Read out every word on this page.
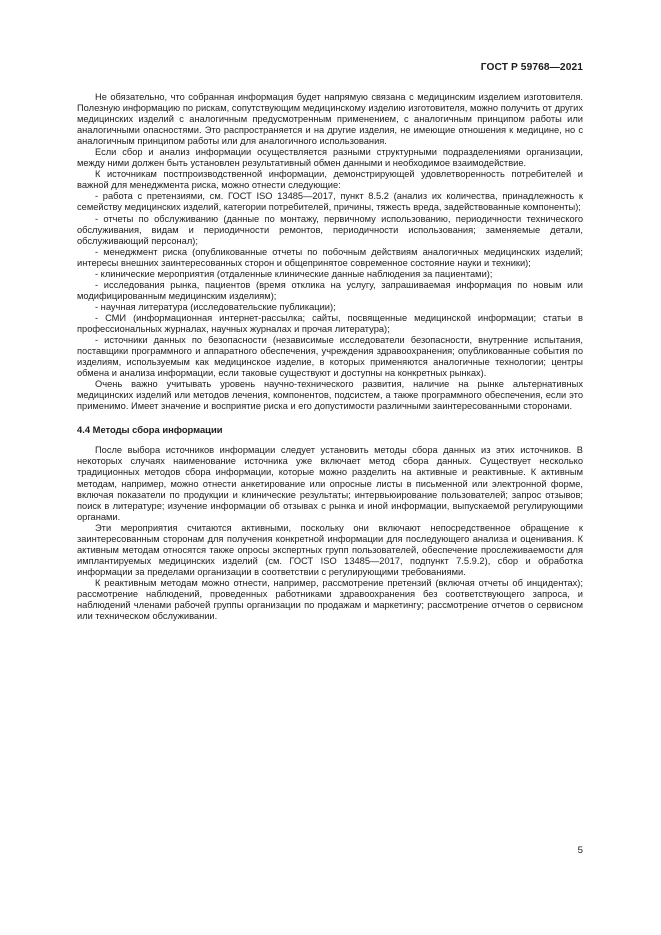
ГОСТ Р 59768—2021

Не обязательно, что собранная информация будет напрямую связана с медицинским изделием изготовителя. Полезную информацию по рискам, сопутствующим медицинскому изделию изготовителя, можно получить от других медицинских изделий с аналогичным предусмотренным применением, с аналогичным принципом работы или аналогичными опасностями. Это распространяется и на другие изделия, не имеющие отношения к медицине, но с аналогичным принципом работы или для аналогичного использования.

Если сбор и анализ информации осуществляется разными структурными подразделениями организации, между ними должен быть установлен результативный обмен данными и необходимое взаимодействие.

К источникам постпроизводственной информации, демонстрирующей удовлетворенность потребителей и важной для менеджмента риска, можно отнести следующие:

- работа с претензиями, см. ГОСТ ISO 13485—2017, пункт 8.5.2 (анализ их количества, принадлежность к семейству медицинских изделий, категории потребителей, причины, тяжесть вреда, задействованные компоненты);

- отчеты по обслуживанию (данные по монтажу, первичному использованию, периодичности технического обслуживания, видам и периодичности ремонтов, периодичности использования; заменяемые детали, обслуживающий персонал);

- менеджмент риска (опубликованные отчеты по побочным действиям аналогичных медицинских изделий; интересы внешних заинтересованных сторон и общепринятое современное состояние науки и техники);

- клинические мероприятия (отдаленные клинические данные наблюдения за пациентами);

- исследования рынка, пациентов (время отклика на услугу, запрашиваемая информация по новым или модифицированным медицинским изделиям);

- научная литература (исследовательские публикации);

- СМИ (информационная интернет-рассылка; сайты, посвященные медицинской информации; статьи в профессиональных журналах, научных журналах и прочая литература);

- источники данных по безопасности (независимые исследователи безопасности, внутренние испытания, поставщики программного и аппаратного обеспечения, учреждения здравоохранения; опубликованные события по изделиям, используемым как медицинское изделие, в которых применяются аналогичные технологии; центры обмена и анализа информации, если таковые существуют и доступны на конкретных рынках).

Очень важно учитывать уровень научно-технического развития, наличие на рынке альтернативных медицинских изделий или методов лечения, компонентов, подсистем, а также программного обеспечения, если это применимо. Имеет значение и восприятие риска и его допустимости различными заинтересованными сторонами.

4.4 Методы сбора информации

После выбора источников информации следует установить методы сбора данных из этих источников. В некоторых случаях наименование источника уже включает метод сбора данных. Существует несколько традиционных методов сбора информации, которые можно разделить на активные и реактивные. К активным методам, например, можно отнести анкетирование или опросные листы в письменной или электронной форме, включая показатели по продукции и клинические результаты; интервьюирование пользователей; запрос отзывов; поиск в литературе; изучение информации об отзывах с рынка и иной информации, выпускаемой регулирующими органами.

Эти мероприятия считаются активными, поскольку они включают непосредственное обращение к заинтересованным сторонам для получения конкретной информации для последующего анализа и оценивания. К активным методам относятся также опросы экспертных групп пользователей, обеспечение прослеживаемости для имплантируемых медицинских изделий (см. ГОСТ ISO 13485—2017, подпункт 7.5.9.2), сбор и обработка информации за пределами организации в соответствии с регулирующими требованиями.

К реактивным методам можно отнести, например, рассмотрение претензий (включая отчеты об инцидентах); рассмотрение наблюдений, проведенных работниками здравоохранения без соответствующего запроса, и наблюдений членами рабочей группы организации по продажам и маркетингу; рассмотрение отчетов о сервисном или техническом обслуживании.

5
